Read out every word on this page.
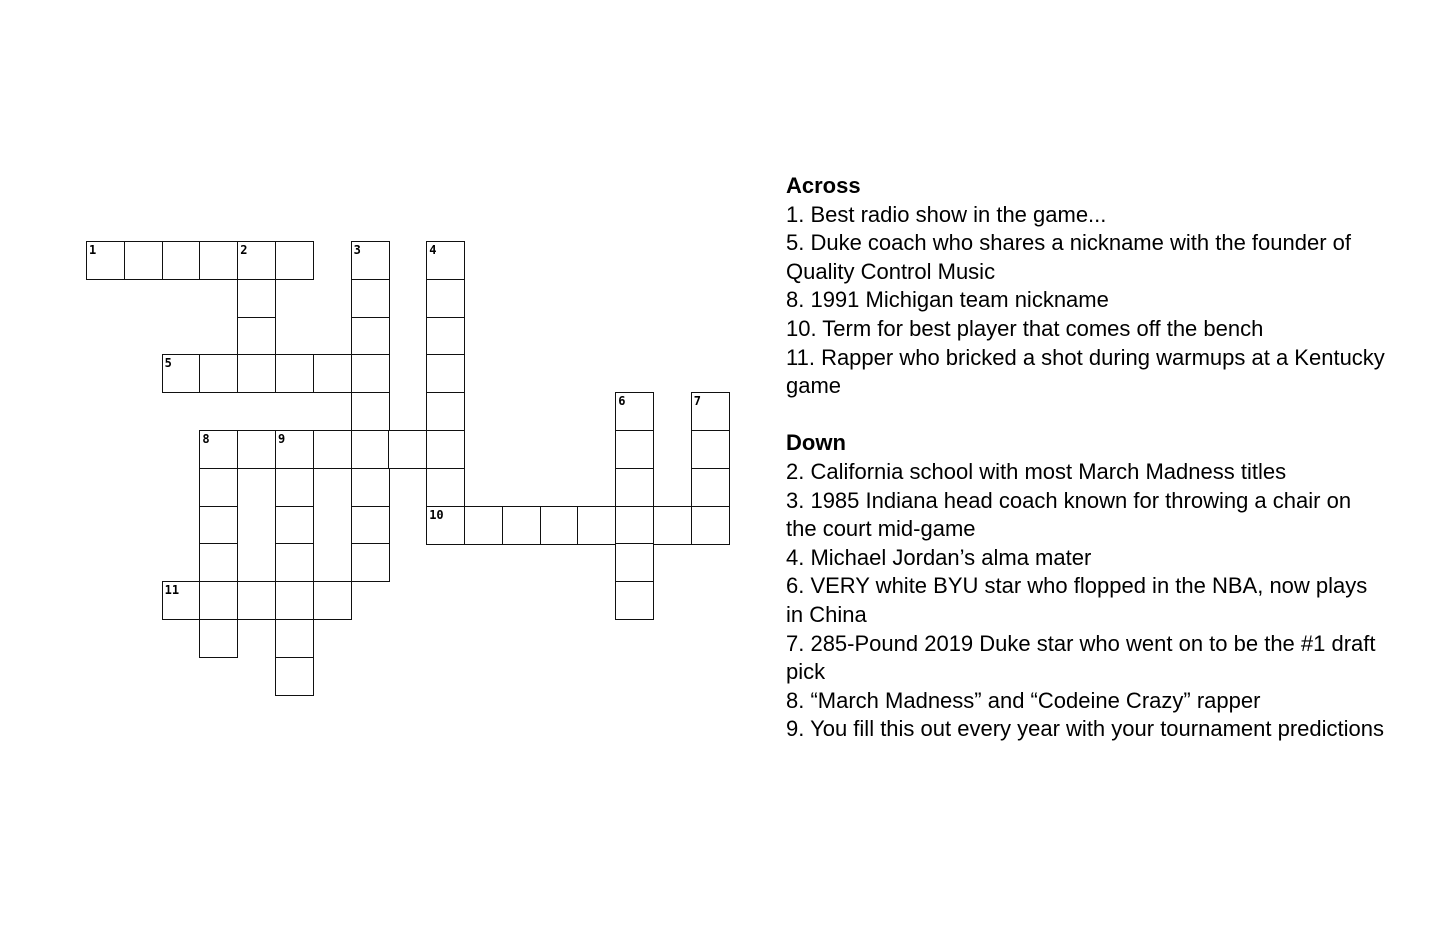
1	2	3	4
5
6	7
8	9
10
11
Across
1. Best radio show in the game...
5. Duke coach who shares a nickname with the founder of Quality Control Music
8. 1991 Michigan team nickname
10. Term for best player that comes off the bench
11. Rapper who bricked a shot during warmups at a Kentucky game
Down
2. California school with most March Madness titles
3. 1985 Indiana head coach known for throwing a chair on the court mid-game
4. Michael Jordan’s alma mater
6. VERY white BYU star who flopped in the NBA, now plays in China
7. 285-Pound 2019 Duke star who went on to be the #1 draft pick
8. “March Madness” and “Codeine Crazy” rapper
9. You fill this out every year with your tournament predictions
